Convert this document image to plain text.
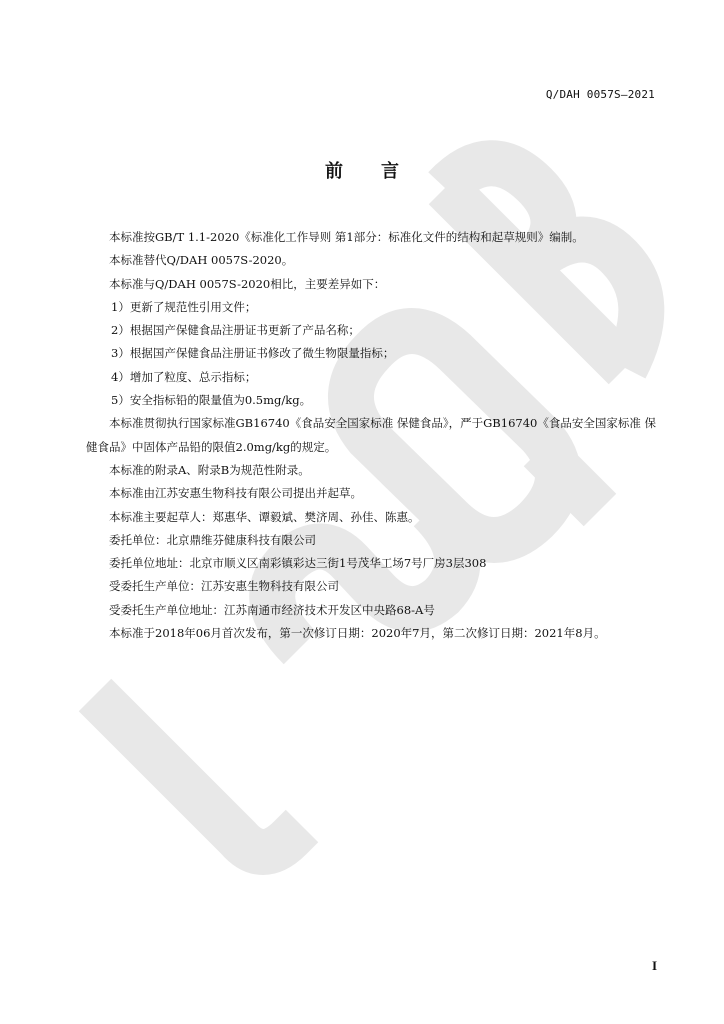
Q/DAH 0057S—2021
前言

本标准按GB/T 1.1-2020《标准化工作导则 第1部分：标准化文件的结构和起草规则》编制。

本标准替代Q/DAH 0057S-2020。

本标准与Q/DAH 0057S-2020相比，主要差异如下：

1）更新了规范性引用文件；

2）根据国产保健食品注册证书更新了产品名称；

3）根据国产保健食品注册证书修改了微生物限量指标；

4）增加了粒度、总示指标；

5）安全指标铅的限量值为0.5mg/kg。

本标准贯彻执行国家标准GB16740《食品安全国家标准 保健食品》，严于GB16740《食品安全国家标准 保健食品》中固体产品铅的限值2.0mg/kg的规定。

本标准的附录A、附录B为规范性附录。

本标准由江苏安惠生物科技有限公司提出并起草。

本标准主要起草人：郑惠华、谭毅斌、樊济周、孙佳、陈惠。

委托单位：北京鼎维芬健康科技有限公司

委托单位地址：北京市顺义区南彩镇彩达三街1号茂华工场7号厂房3层308

受委托生产单位：江苏安惠生物科技有限公司

受委托生产单位地址：江苏南通市经济技术开发区中央路68-A号

本标准于2018年06月首次发布，第一次修订日期：2020年7月，第二次修订日期：2021年8月。

I
